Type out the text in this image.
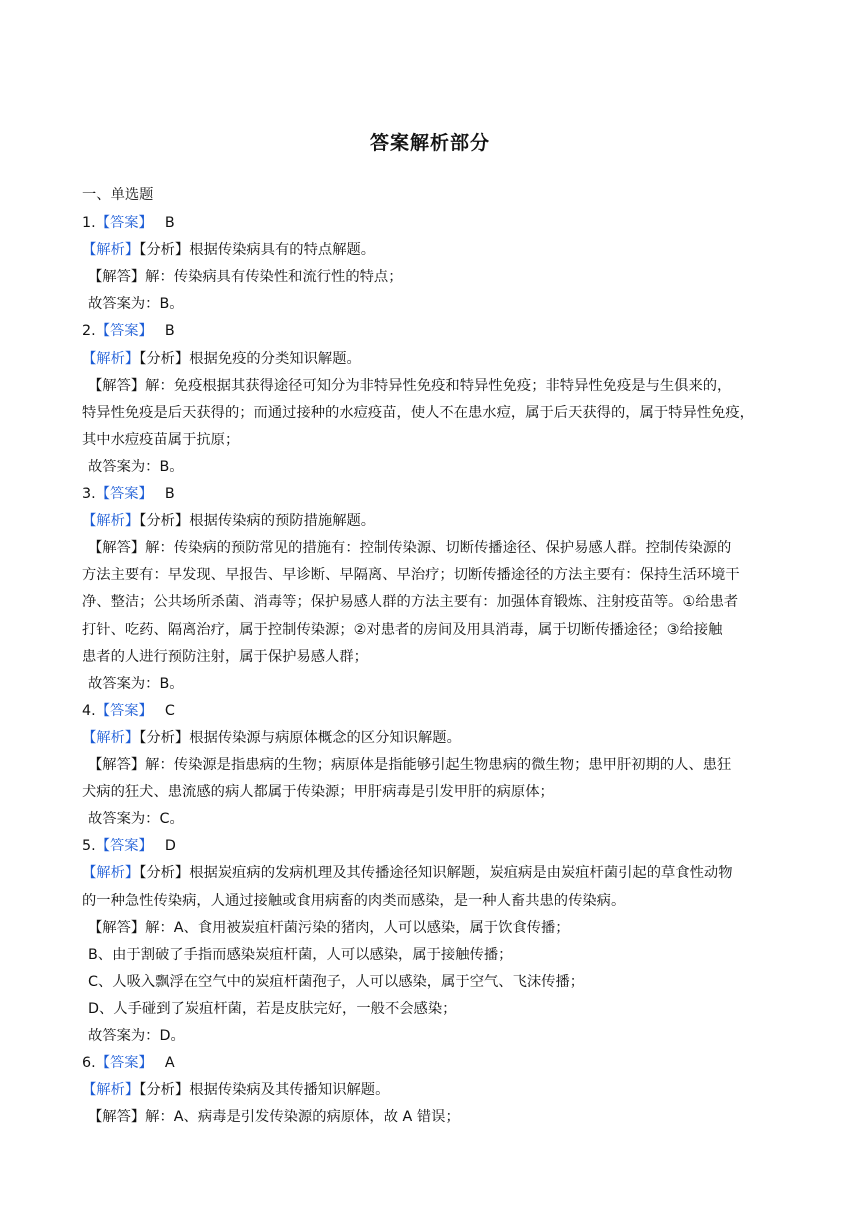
答案解析部分
一、单选题
1.【答案】 B
【解析】【分析】根据传染病具有的特点解题。
【解答】解：传染病具有传染性和流行性的特点；
故答案为：B。
2.【答案】 B
【解析】【分析】根据免疫的分类知识解题。
【解答】解：免疫根据其获得途径可知分为非特异性免疫和特异性免疫；非特异性免疫是与生俱来的，
特异性免疫是后天获得的；而通过接种的水痘疫苗，使人不在患水痘，属于后天获得的，属于特异性免疫，
其中水痘疫苗属于抗原；
故答案为：B。
3.【答案】 B
【解析】【分析】根据传染病的预防措施解题。
【解答】解：传染病的预防常见的措施有：控制传染源、切断传播途径、保护易感人群。控制传染源的
方法主要有：早发现、早报告、早诊断、早隔离、早治疗；切断传播途径的方法主要有：保持生活环境干
净、整洁；公共场所杀菌、消毒等；保护易感人群的方法主要有：加强体育锻炼、注射疫苗等。①给患者
打针、吃药、隔离治疗，属于控制传染源；②对患者的房间及用具消毒，属于切断传播途径；③给接触
患者的人进行预防注射，属于保护易感人群；
故答案为：B。
4.【答案】 C
【解析】【分析】根据传染源与病原体概念的区分知识解题。
【解答】解：传染源是指患病的生物；病原体是指能够引起生物患病的微生物；患甲肝初期的人、患狂
犬病的狂犬、患流感的病人都属于传染源；甲肝病毒是引发甲肝的病原体；
故答案为：C。
5.【答案】 D
【解析】【分析】根据炭疽病的发病机理及其传播途径知识解题，炭疽病是由炭疽杆菌引起的草食性动物
的一种急性传染病，人通过接触或食用病畜的肉类而感染，是一种人畜共患的传染病。
【解答】解：A、食用被炭疽杆菌污染的猪肉，人可以感染，属于饮食传播；
B、由于割破了手指而感染炭疽杆菌，人可以感染，属于接触传播；
C、人吸入飘浮在空气中的炭疽杆菌孢子，人可以感染，属于空气、飞沫传播；
D、人手碰到了炭疽杆菌，若是皮肤完好，一般不会感染；
故答案为：D。
6.【答案】 A
【解析】【分析】根据传染病及其传播知识解题。
【解答】解：A、病毒是引发传染源的病原体，故 A 错误；
